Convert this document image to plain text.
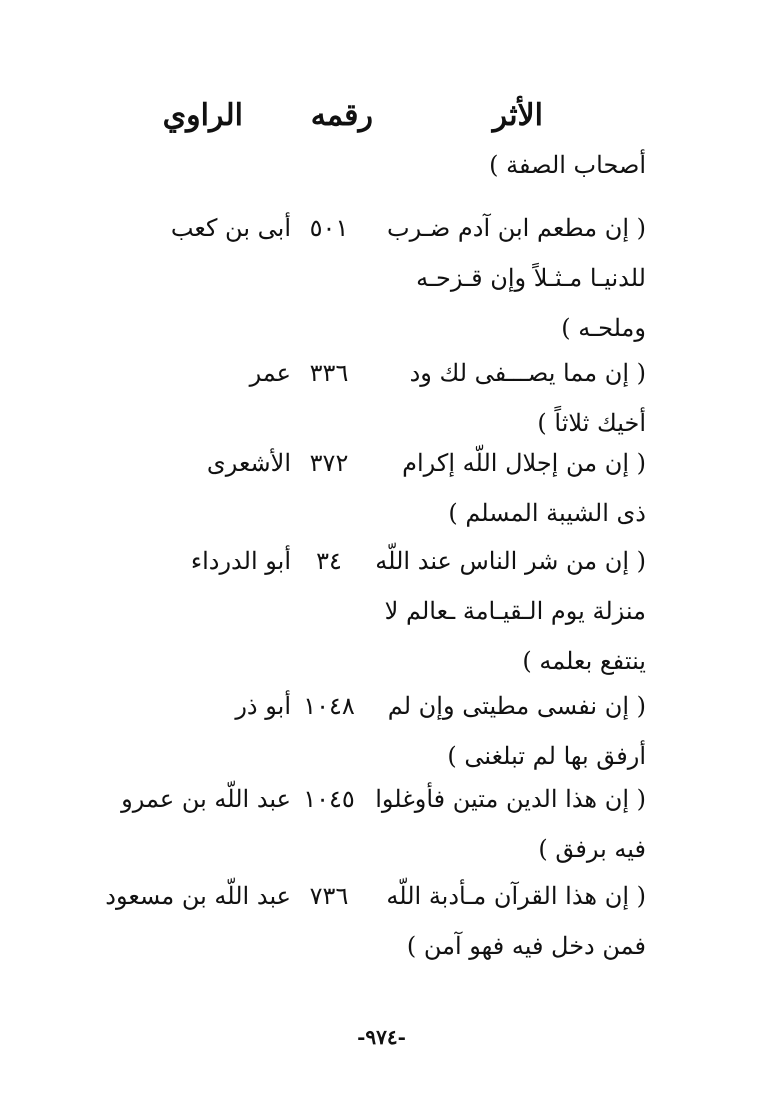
الأثر
رقمه
الراوي
أصحاب الصفة )
( إن مطعم ابن آدم ضـرب
للدنيـا مـثـلاً وإن قـزحـه
وملحـه )
٥٠١
أبى بن كعب
( إن مما يصـــفى لك ود
أخيك ثلاثاً )
٣٣٦
عمر
( إن من إجلال اللّه إكرام
ذى الشيبة المسلم )
٣٧٢
الأشعرى
( إن من شر الناس عند اللّه
منزلة يوم الـقيـامة ـعالم لا
ينتفع بعلمه )
٣٤
أبو الدرداء
( إن نفسى مطيتى وإن لم
أرفق بها لم تبلغنى )
١٠٤٨
أبو ذر
( إن هذا الدين متين فأوغلوا
فيه برفق )
١٠٤٥
عبد اللّه بن عمرو
( إن هذا القرآن مـأدبة اللّه
فمن دخل فيه فهو آمن )
٧٣٦
عبد اللّه بن مسعود
-٩٧٤-
